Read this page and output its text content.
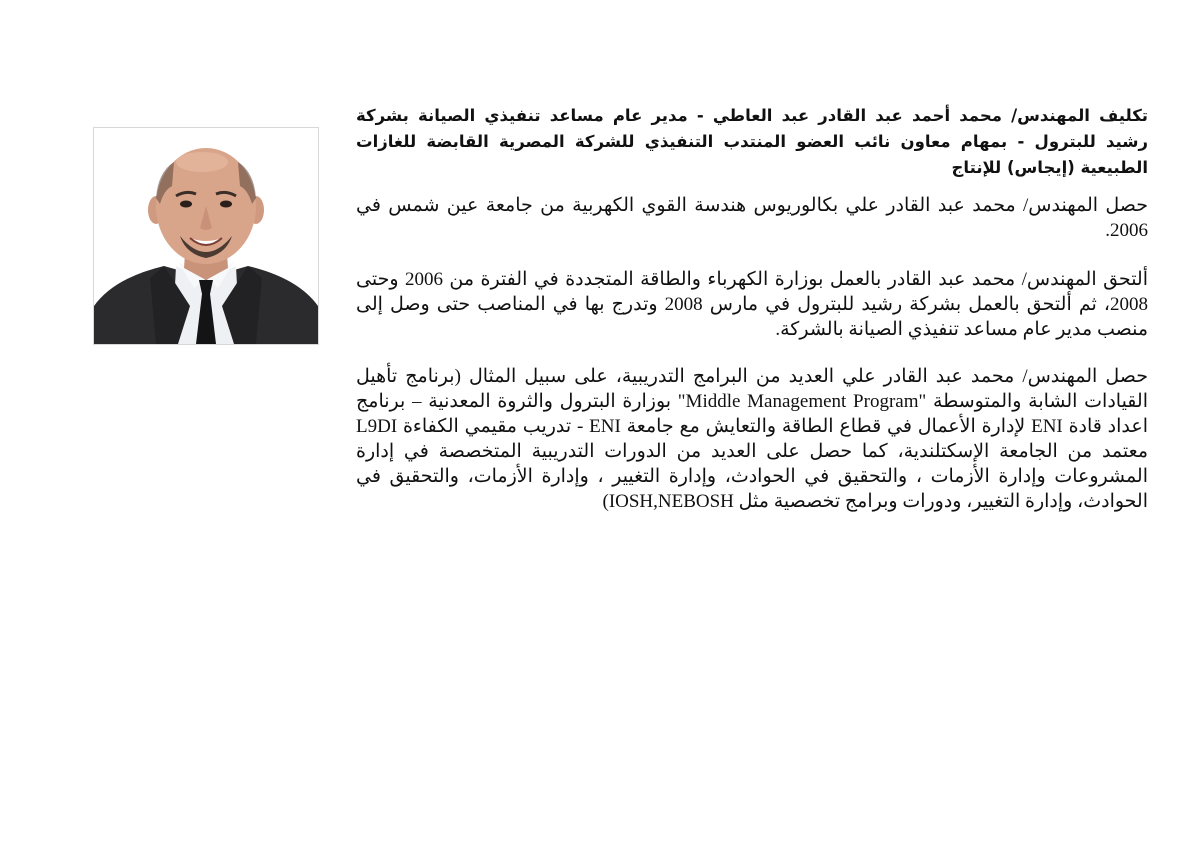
تكليف المهندس/ محمد أحمد عبد القادر عبد العاطي - مدير عام مساعد تنفيذي الصيانة بشركة رشيد للبترول - بمهام معاون نائب العضو المنتدب التنفيذي للشركة المصرية القابضة للغازات الطبيعية (إيجاس) للإنتاج

حصل المهندس/ محمد عبد القادر علي بكالوريوس هندسة القوي الكهربية من جامعة عين شمس في 2006.

ألتحق المهندس/ محمد عبد القادر بالعمل بوزارة الكهرباء والطاقة المتجددة في الفترة من 2006 وحتى 2008، ثم ألتحق بالعمل بشركة رشيد للبترول في مارس 2008 وتدرج بها في المناصب حتى وصل إلى منصب مدير عام مساعد تنفيذي الصيانة بالشركة.

حصل المهندس/ محمد عبد القادر علي العديد من البرامج التدريبية، على سبيل المثال (برنامج تأهيل القيادات الشابة والمتوسطة "Middle Management Program" بوزارة البترول والثروة المعدنية – برنامج اعداد قادة ENI لإدارة الأعمال في قطاع الطاقة والتعايش مع جامعة ENI - تدريب مقيمي الكفاءة L9DI معتمد من الجامعة الإسكتلندية، كما حصل على العديد من الدورات التدريبية المتخصصة في إدارة المشروعات وإدارة الأزمات ، والتحقيق في الحوادث، وإدارة التغيير ، وإدارة الأزمات، والتحقيق في الحوادث، وإدارة التغيير، ودورات وبرامج تخصصية مثل IOSH,NEBOSH)
